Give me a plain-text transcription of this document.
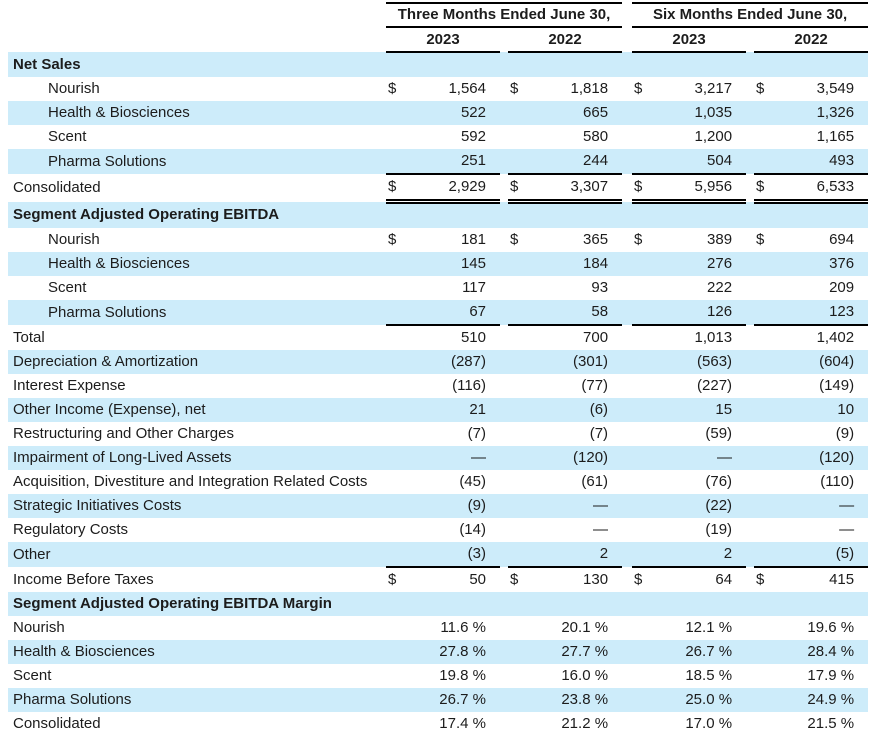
	Three Months Ended June 30,						Six Months Ended June 30,				
	2023			2022			2023			2022	
Net Sales											
Nourish	$	1,564		$	1,818		$	3,217		$	3,549
Health & Biosciences		522			665			1,035			1,326
Scent		592			580			1,200			1,165
Pharma Solutions		251			244			504			493
Consolidated	$	2,929		$	3,307		$	5,956		$	6,533
Segment Adjusted Operating EBITDA											
Nourish	$	181		$	365		$	389		$	694
Health & Biosciences		145			184			276			376
Scent		117			93			222			209
Pharma Solutions		67			58			126			123
Total		510			700			1,013			1,402
Depreciation & Amortization		(287)			(301)			(563)			(604)
Interest Expense		(116)			(77)			(227)			(149)
Other Income (Expense), net		21			(6)			15			10
Restructuring and Other Charges		(7)			(7)			(59)			(9)
Impairment of Long-Lived Assets		—			(120)			—			(120)
Acquisition, Divestiture and Integration Related Costs		(45)			(61)			(76)			(110)
Strategic Initiatives Costs		(9)			—			(22)			—
Regulatory Costs		(14)			—			(19)			—
Other		(3)			2			2			(5)
Income Before Taxes	$	50		$	130		$	64		$	415
Segment Adjusted Operating EBITDA Margin											
Nourish		11.6 %			20.1 %			12.1 %			19.6 %
Health & Biosciences		27.8 %			27.7 %			26.7 %			28.4 %
Scent		19.8 %			16.0 %			18.5 %			17.9 %
Pharma Solutions		26.7 %			23.8 %			25.0 %			24.9 %
Consolidated		17.4 %			21.2 %			17.0 %			21.5 %
